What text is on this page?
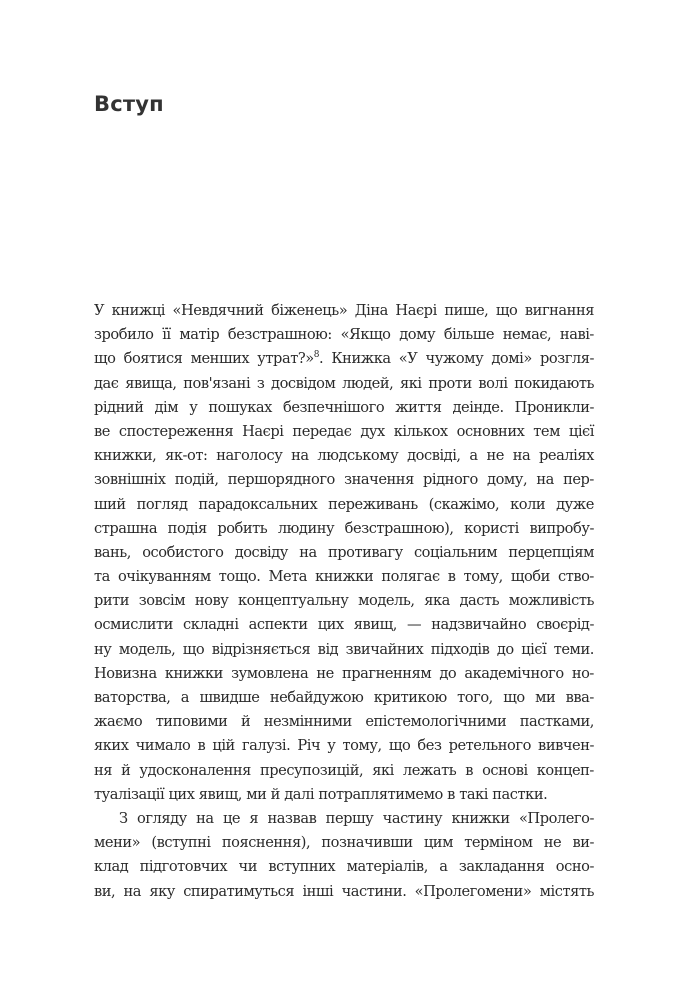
Вступ
У книжці «Невдячний біженець» Діна Наєрі пише, що вигнання
зробило її матір безстрашною: «Якщо дому більше немає, наві-
що боятися менших утрат?»$^8$. Книжка «У чужому домі» розгля-
дає явища, пов'язані з досвідом людей, які проти волі покидають
рідний дім у пошуках безпечнішого життя деінде. Проникли-
ве спостереження Наєрі передає дух кількох основних тем цієї
книжки, як-от: наголосу на людському досвіді, а не на реаліях
зовнішніх подій, першорядного значення рідного дому, на пер-
ший погляд парадоксальних переживань (скажімо, коли дуже
страшна подія робить людину безстрашною), користі випробу-
вань, особистого досвіду на противагу соціальним перцепціям
та очікуванням тощо. Мета книжки полягає в тому, щоби ство-
рити зовсім нову концептуальну модель, яка дасть можливість
осмислити складні аспекти цих явищ, — надзвичайно своєрід-
ну модель, що відрізняється від звичайних підходів до цієї теми.
Новизна книжки зумовлена не прагненням до академічного но-
ваторства, а швидше небайдужою критикою того, що ми вва-
жаємо типовими й незмінними епістемологічними пастками,
яких чимало в цій галузі. Річ у тому, що без ретельного вивчен-
ня й удосконалення пресупозицій, які лежать в основі концеп-
туалізації цих явищ, ми й далі потраплятимемо в такі пастки.
З огляду на це я назвав першу частину книжки «Пролего-
мени» (вступні пояснення), позначивши цим терміном не ви-
клад підготовчих чи вступних матеріалів, а закладання осно-
ви, на яку спиратимуться інші частини. «Пролегомени» містять
